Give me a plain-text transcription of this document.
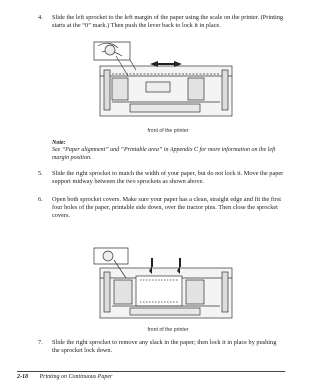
4. Slide the left sprocket to the left margin of the paper using the scale on the printer. (Printing starts at the “0” mark.) Then push the lever back to lock it in place.
front of the printer
Note:
See “Paper alignment” and “Printable area” in Appendix C for more information on the left margin position.
5. Slide the right sprocket to match the width of your paper, but do not lock it. Move the paper support midway between the two sprockets as shown above.
6. Open both sprocket covers. Make sure your paper has a clean, straight edge and fit the first four holes of the paper, printable side down, over the tractor pins. Then close the sprocket covers.
front of the printer
7. Slide the right sprocket to remove any slack in the paper; then lock it in place by pushing the sprocket lock down.
2-18 Printing on Continuous Paper
